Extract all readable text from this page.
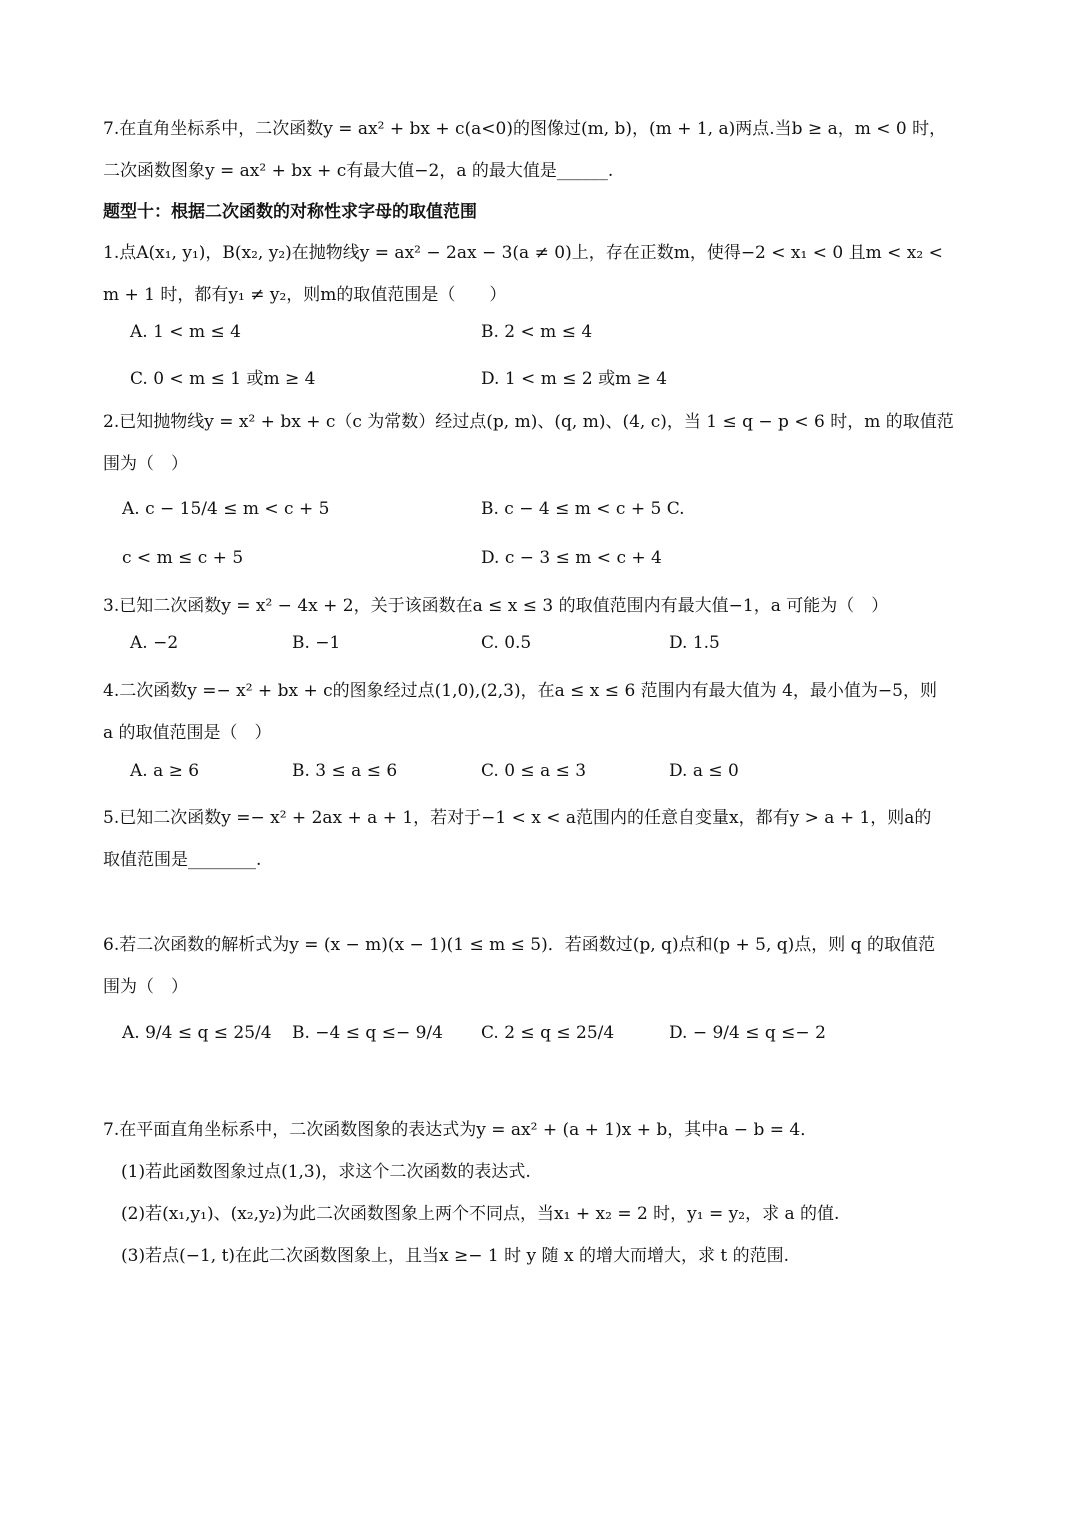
7.在直角坐标系中，二次函数y = ax² + bx + c(a<0)的图像过(m, b)，(m + 1, a)两点.当b ≥ a，m < 0 时，
二次函数图象y = ax² + bx + c有最大值−2，a 的最大值是______.
题型十：根据二次函数的对称性求字母的取值范围
1.点A(x₁, y₁)，B(x₂, y₂)在抛物线y = ax² − 2ax − 3(a ≠ 0)上，存在正数m，使得−2 < x₁ < 0 且m < x₂ <
m + 1 时，都有y₁ ≠ y₂，则m的取值范围是（　　）
A. 1 < m ≤ 4	B. 2 < m ≤ 4
C. 0 < m ≤ 1 或m ≥ 4	D. 1 < m ≤ 2 或m ≥ 4
2.已知抛物线y = x² + bx + c（c 为常数）经过点(p, m)、(q, m)、(4, c)，当 1 ≤ q − p < 6 时，m 的取值范
围为（　）
A. c − 15/4 ≤ m < c + 5	B. c − 4 ≤ m < c + 5 C.
c < m ≤ c + 5	D. c − 3 ≤ m < c + 4
3.已知二次函数y = x² − 4x + 2，关于该函数在a ≤ x ≤ 3 的取值范围内有最大值−1，a 可能为（　）
A. −2	B. −1	C. 0.5	D. 1.5
4.二次函数y =− x² + bx + c的图象经过点(1,0),(2,3)，在a ≤ x ≤ 6 范围内有最大值为 4，最小值为−5，则
a 的取值范围是（　）
A. a ≥ 6	B. 3 ≤ a ≤ 6	C. 0 ≤ a ≤ 3	D. a ≤ 0
5.已知二次函数y =− x² + 2ax + a + 1，若对于−1 < x < a范围内的任意自变量x，都有y > a + 1，则a的
取值范围是________.
6.若二次函数的解析式为y = (x − m)(x − 1)(1 ≤ m ≤ 5)．若函数过(p, q)点和(p + 5, q)点，则 q 的取值范
围为（　）
A. 9/4 ≤ q ≤ 25/4 B. −4 ≤ q ≤− 9/4 C. 2 ≤ q ≤ 25/4	D. − 9/4 ≤ q ≤− 2
7.在平面直角坐标系中，二次函数图象的表达式为y = ax² + (a + 1)x + b，其中a − b = 4．
(1)若此函数图象过点(1,3)，求这个二次函数的表达式.
(2)若(x₁,y₁)、(x₂,y₂)为此二次函数图象上两个不同点，当x₁ + x₂ = 2 时，y₁ = y₂，求 a 的值.
(3)若点(−1, t)在此二次函数图象上，且当x ≥− 1 时 y 随 x 的增大而增大，求 t 的范围.
